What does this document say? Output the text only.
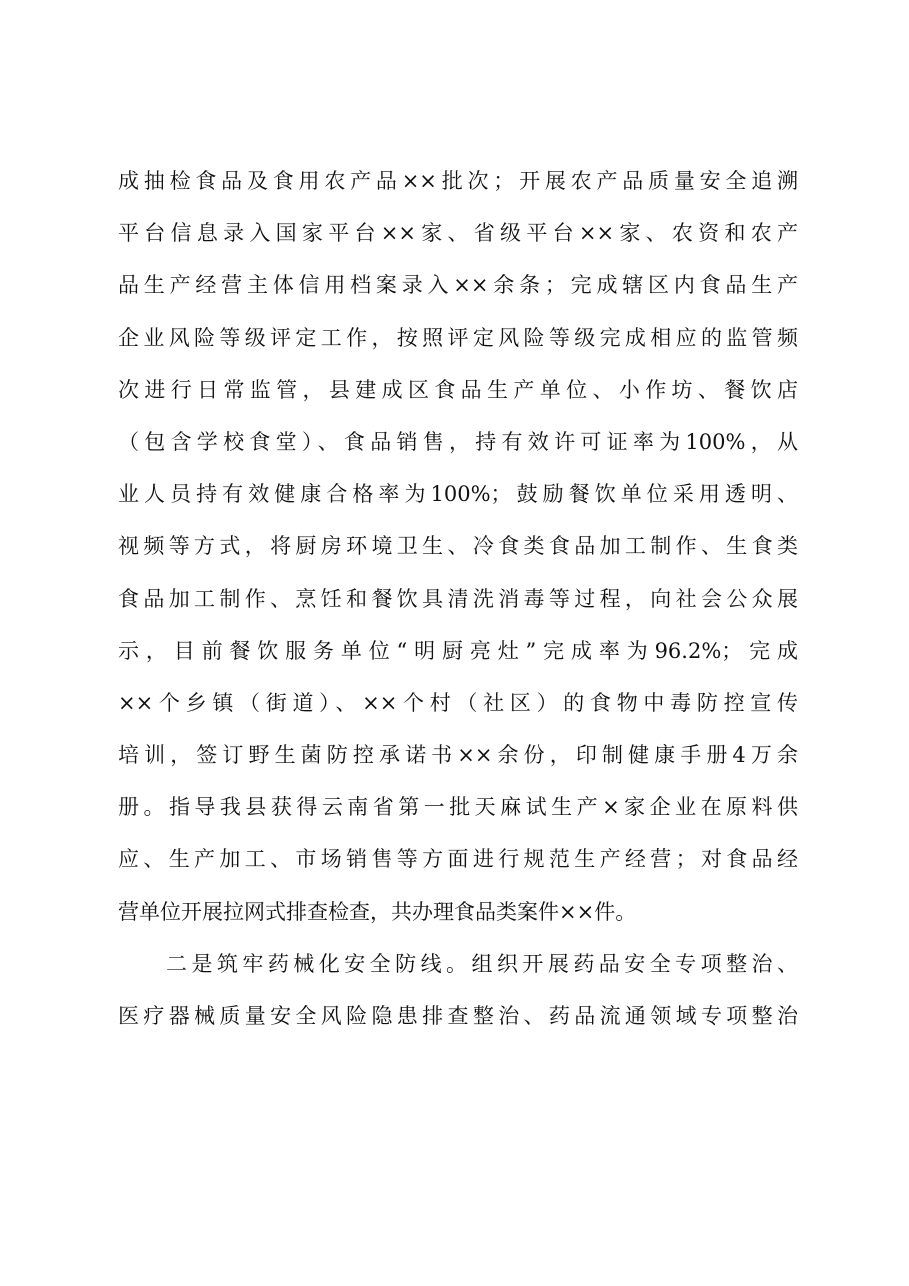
成抽检食品及食用农产品××批次；开展农产品质量安全追溯
平台信息录入国家平台××家、省级平台××家、农资和农产
品生产经营主体信用档案录入××余条；完成辖区内食品生产
企业风险等级评定工作，按照评定风险等级完成相应的监管频
次进行日常监管，县建成区食品生产单位、小作坊、餐饮店
（包含学校食堂）、食品销售，持有效许可证率为100%，从
业人员持有效健康合格率为100%；鼓励餐饮单位采用透明、
视频等方式，将厨房环境卫生、冷食类食品加工制作、生食类
食品加工制作、烹饪和餐饮具清洗消毒等过程，向社会公众展
示，目前餐饮服务单位“明厨亮灶”完成率为96.2%；完成
××个乡镇（街道）、××个村（社区）的食物中毒防控宣传
培训，签订野生菌防控承诺书××余份，印制健康手册4万余
册。指导我县获得云南省第一批天麻试生产×家企业在原料供
应、生产加工、市场销售等方面进行规范生产经营；对食品经
营单位开展拉网式排查检查，共办理食品类案件××件。
二是筑牢药械化安全防线。组织开展药品安全专项整治、
医疗器械质量安全风险隐患排查整治、药品流通领域专项整治
